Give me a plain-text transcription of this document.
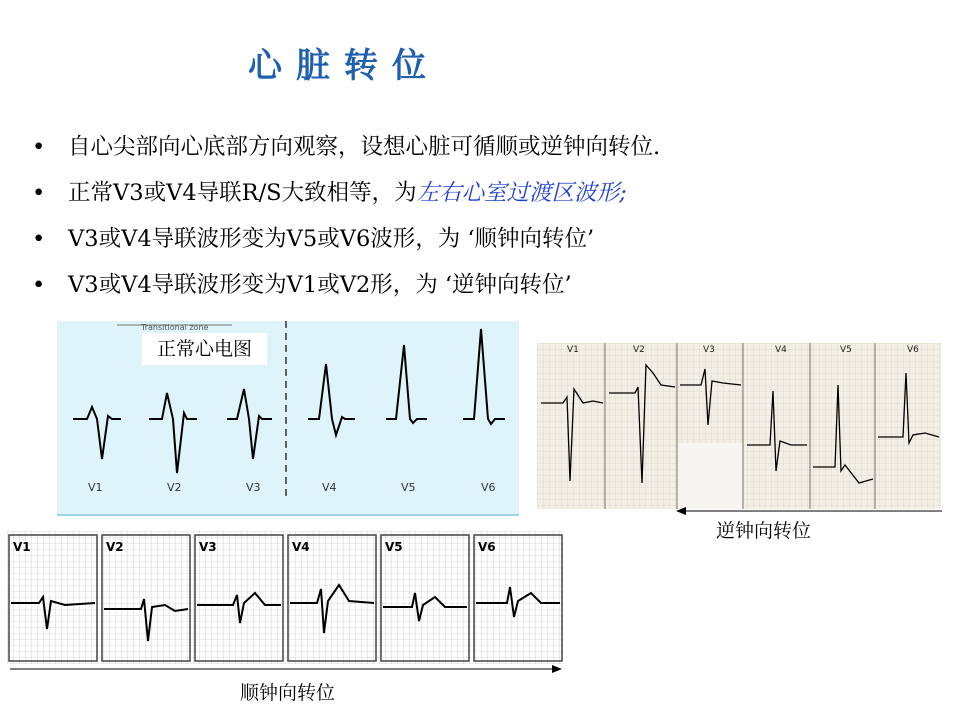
心脏转位
• 自心尖部向心底部方向观察，设想心脏可循顺或逆钟向转位.
• 正常V3或V4导联R/S大致相等，为左右心室过渡区波形;
• V3或V4导联波形变为V5或V6波形，为 ‘顺钟向转位’
• V3或V4导联波形变为V1或V2形，为 ‘逆钟向转位’
Transitional zone
V1	V2	V3	V4	V5	V6
正常心电图	V1	V2	V3	V4	V5	V6
V1	V2	V3	V4	V5	V6
逆钟向转位
顺钟向转位
